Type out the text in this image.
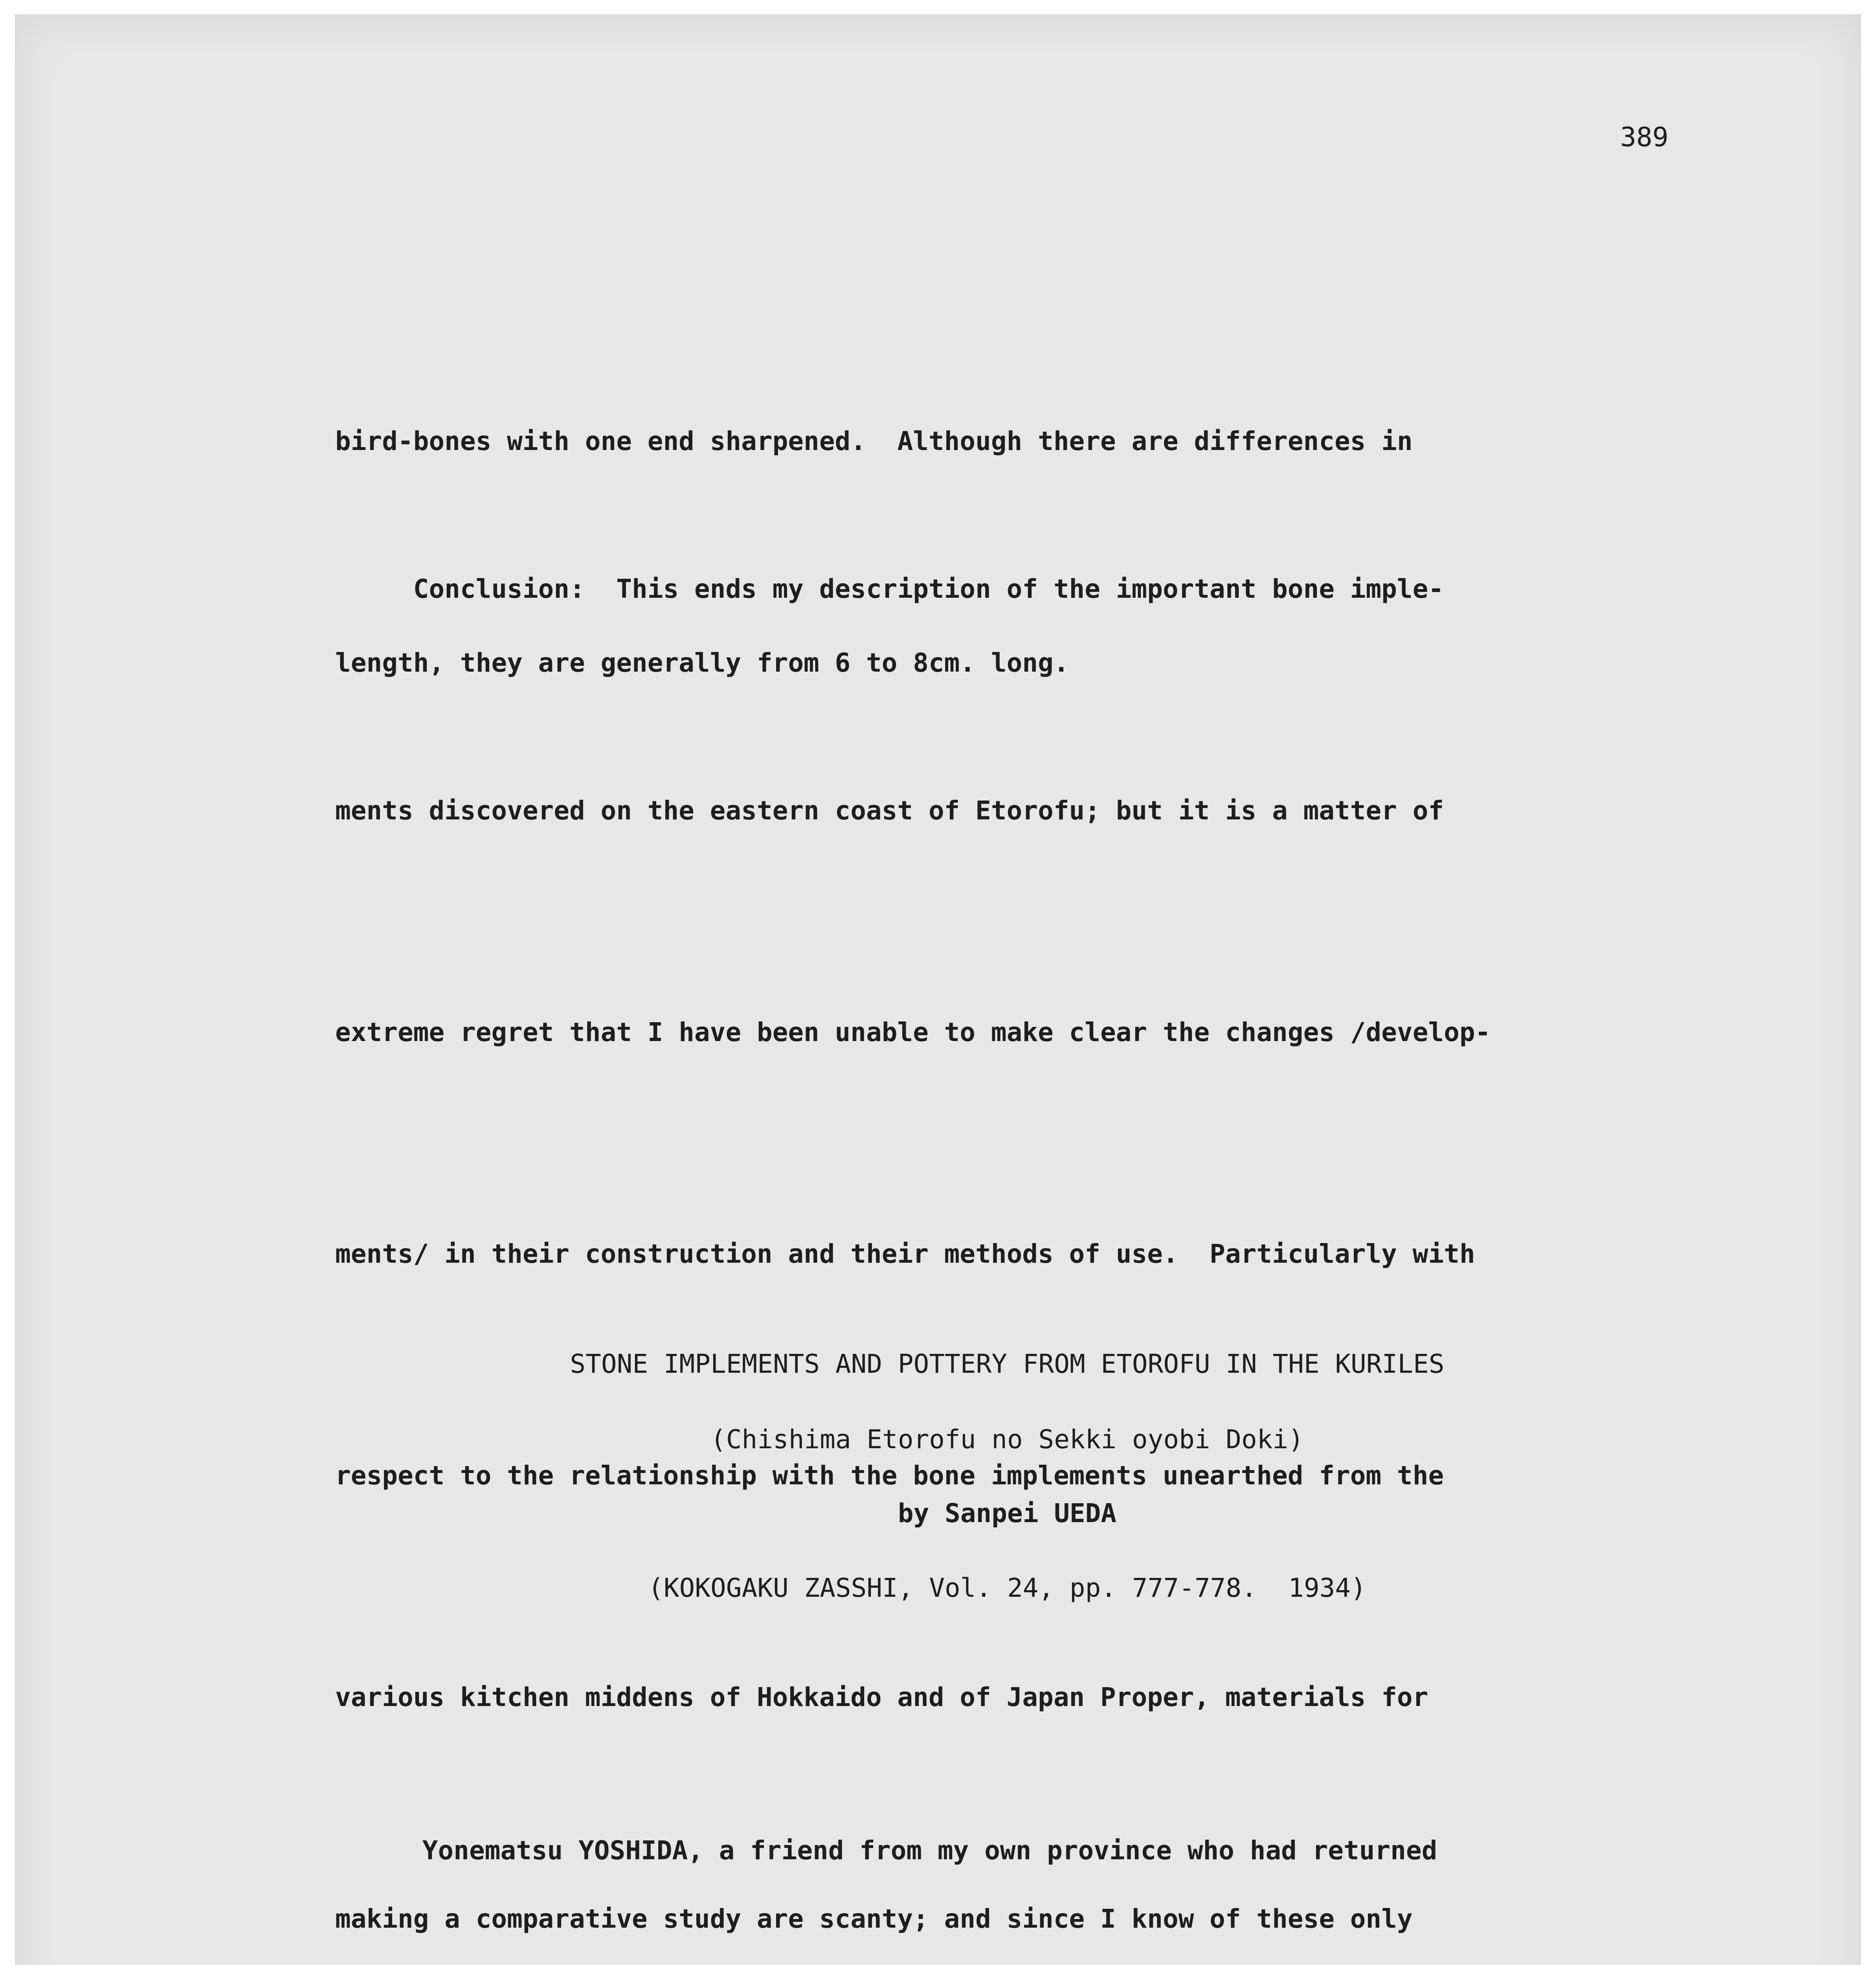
389

bird-bones with one end sharpened.  Although there are differences in

length, they are generally from 6 to 8cm. long.

Conclusion:  This ends my description of the important bone imple-

ments discovered on the eastern coast of Etorofu; but it is a matter of

extreme regret that I have been unable to make clear the changes /develop-

ments/ in their construction and their methods of use.  Particularly with

respect to the relationship with the bone implements unearthed from the

various kitchen middens of Hokkaido and of Japan Proper, materials for

making a comparative study are scanty; and since I know of these only

STONE IMPLEMENTS AND POTTERY FROM ETOROFU IN THE KURILES
(Chishima Etorofu no Sekki oyobi Doki)
by Sanpei UEDA
(KOKOGAKU ZASSHI, Vol. 24, pp. 777-778.  1934)

Yonematsu YOSHIDA, a friend from my own province who had returned
